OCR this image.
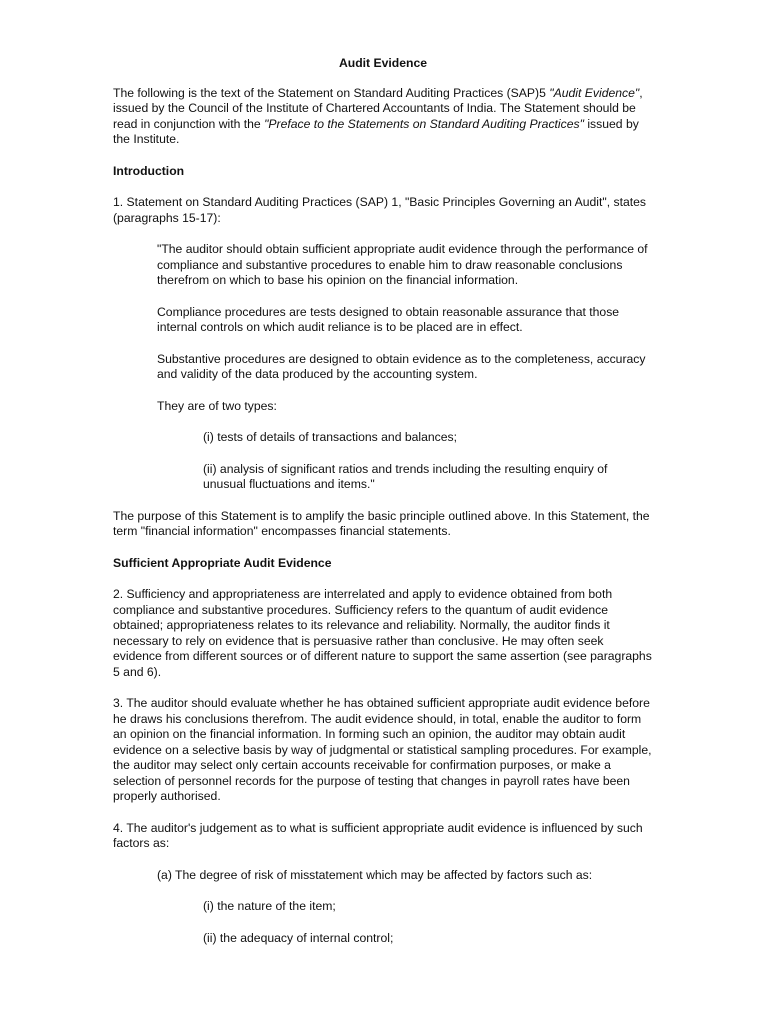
Audit Evidence

The following is the text of the Statement on Standard Auditing Practices (SAP)5 "Audit Evidence", issued by the Council of the Institute of Chartered Accountants of India. The Statement should be read in conjunction with the "Preface to the Statements on Standard Auditing Practices" issued by the Institute.

Introduction

1. Statement on Standard Auditing Practices (SAP) 1, "Basic Principles Governing an Audit", states (paragraphs 15-17):

"The auditor should obtain sufficient appropriate audit evidence through the performance of compliance and substantive procedures to enable him to draw reasonable conclusions therefrom on which to base his opinion on the financial information.

Compliance procedures are tests designed to obtain reasonable assurance that those internal controls on which audit reliance is to be placed are in effect.

Substantive procedures are designed to obtain evidence as to the completeness, accuracy and validity of the data produced by the accounting system.

They are of two types:

(i) tests of details of transactions and balances;

(ii) analysis of significant ratios and trends including the resulting enquiry of unusual fluctuations and items."

The purpose of this Statement is to amplify the basic principle outlined above. In this Statement, the term "financial information" encompasses financial statements.

Sufficient Appropriate Audit Evidence

2. Sufficiency and appropriateness are interrelated and apply to evidence obtained from both compliance and substantive procedures. Sufficiency refers to the quantum of audit evidence obtained; appropriateness relates to its relevance and reliability. Normally, the auditor finds it necessary to rely on evidence that is persuasive rather than conclusive. He may often seek evidence from different sources or of different nature to support the same assertion (see paragraphs 5 and 6).

3. The auditor should evaluate whether he has obtained sufficient appropriate audit evidence before he draws his conclusions therefrom. The audit evidence should, in total, enable the auditor to form an opinion on the financial information. In forming such an opinion, the auditor may obtain audit evidence on a selective basis by way of judgmental or statistical sampling procedures. For example, the auditor may select only certain accounts receivable for confirmation purposes, or make a selection of personnel records for the purpose of testing that changes in payroll rates have been properly authorised.

4. The auditor's judgement as to what is sufficient appropriate audit evidence is influenced by such factors as:

(a) The degree of risk of misstatement which may be affected by factors such as:

(i) the nature of the item;

(ii) the adequacy of internal control;
